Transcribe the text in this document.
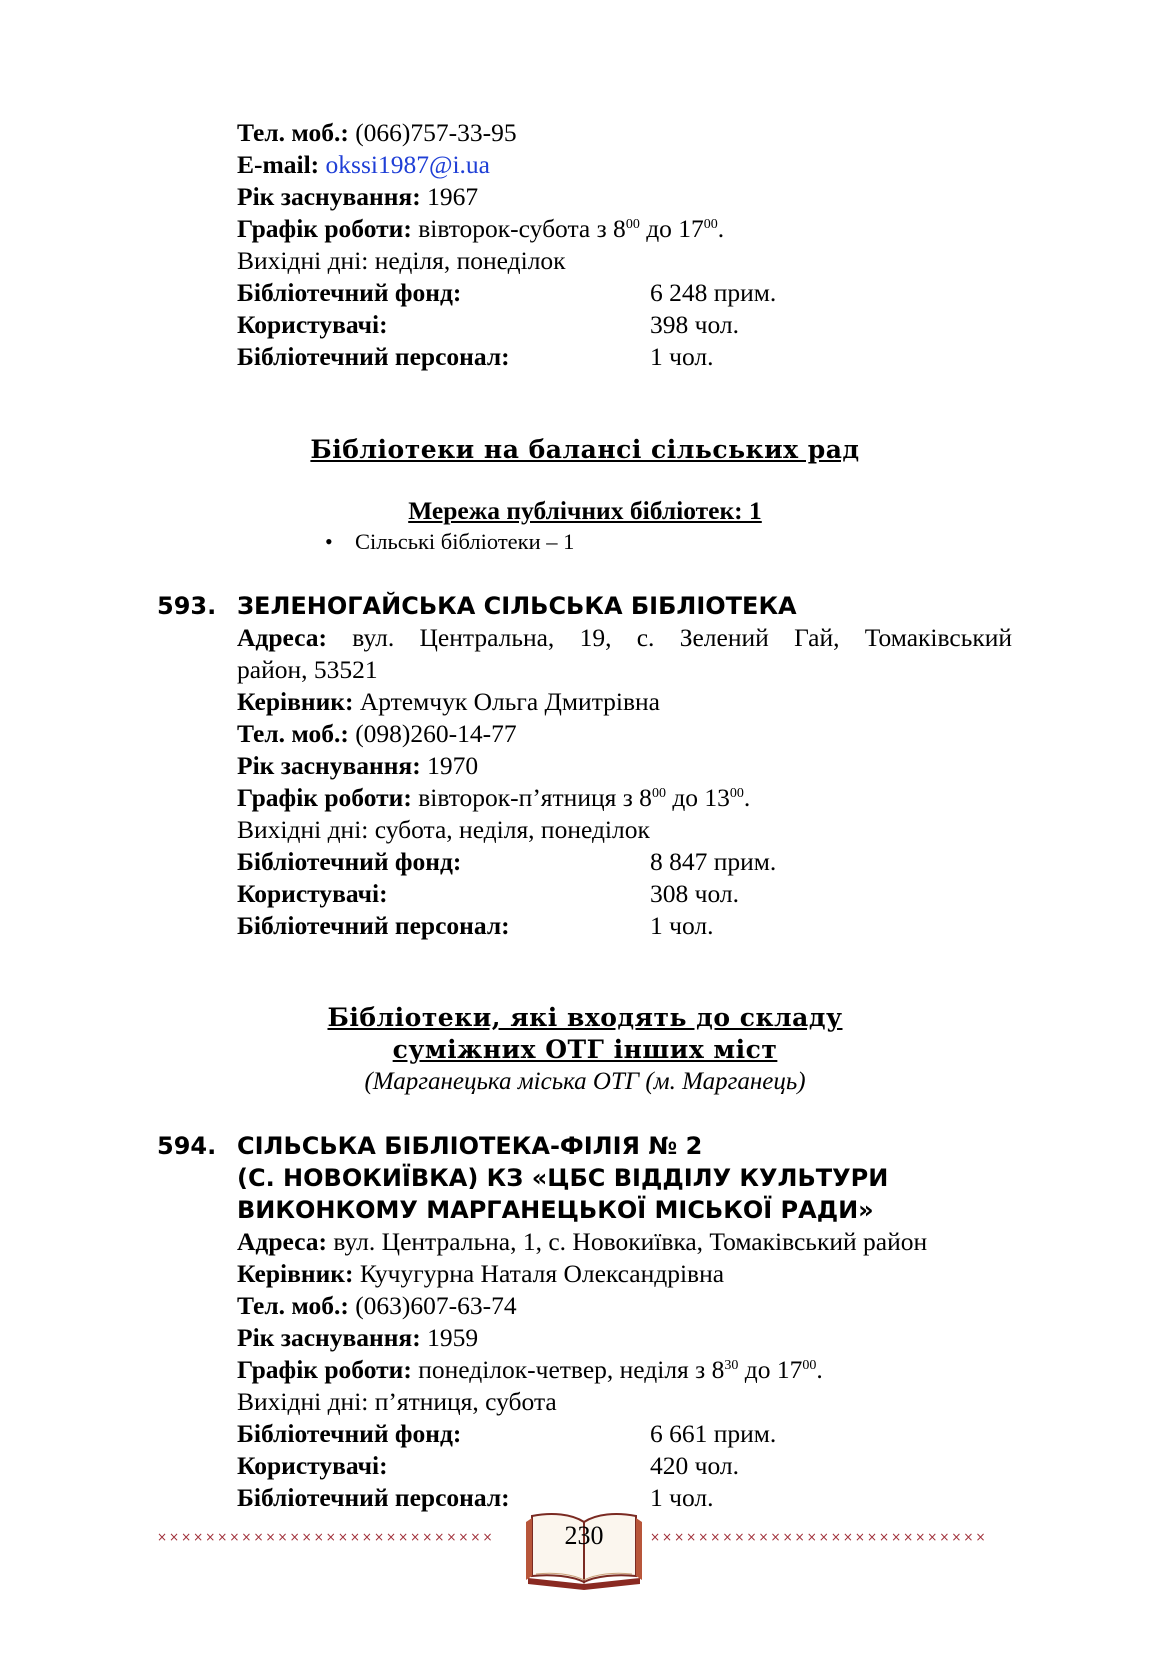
Тел. моб.: (066)757-33-95
E-mail: okssi1987@i.ua
Рік заснування: 1967
Графік роботи: вівторок-субота з $8^{00}$ до $17^{00}$.
Вихідні дні: неділя, понеділок
Бібліотечний фонд:	6 248 прим.
Користувачі:	398 чол.
Бібліотечний персонал:	1 чол.
Бібліотеки на балансі сільських рад
Мережа публічних бібліотек: 1
• Сільські бібліотеки – 1
593. ЗЕЛЕНОГАЙСЬКА СІЛЬСЬКА БІБЛІОТЕКА
Адреса: вул. Центральна, 19, с. Зелений Гай, Томаківський
район, 53521
Керівник: Артемчук Ольга Дмитрівна
Тел. моб.: (098)260-14-77
Рік заснування: 1970
Графік роботи: вівторок-п’ятниця з $8^{00}$ до $13^{00}$.
Вихідні дні: субота, неділя, понеділок
Бібліотечний фонд:	8 847 прим.
Користувачі:	308 чол.
Бібліотечний персонал:	1 чол.
Бібліотеки, які входять до складу
суміжних ОТГ інших міст
(Марганецька міська ОТГ (м. Марганець)
594. СІЛЬСЬКА БІБЛІОТЕКА-ФІЛІЯ № 2
(С. НОВОКИЇВКА) КЗ «ЦБС ВІДДІЛУ КУЛЬТУРИ
ВИКОНКОМУ МАРГАНЕЦЬКОЇ МІСЬКОЇ РАДИ»
Адреса: вул. Центральна, 1, с. Новокиївка, Томаківський район
Керівник: Кучугурна Наталя Олександрівна
Тел. моб.: (063)607-63-74
Рік заснування: 1959
Графік роботи: понеділок-четвер, неділя з $8^{30}$ до $17^{00}$.
Вихідні дні: п’ятниця, субота
Бібліотечний фонд:	6 661 прим.
Користувачі:	420 чол.
Бібліотечний персонал:	1 чол.
××××××××××××××××××××××××××××	××××××××××××××××××××××××××××
230
